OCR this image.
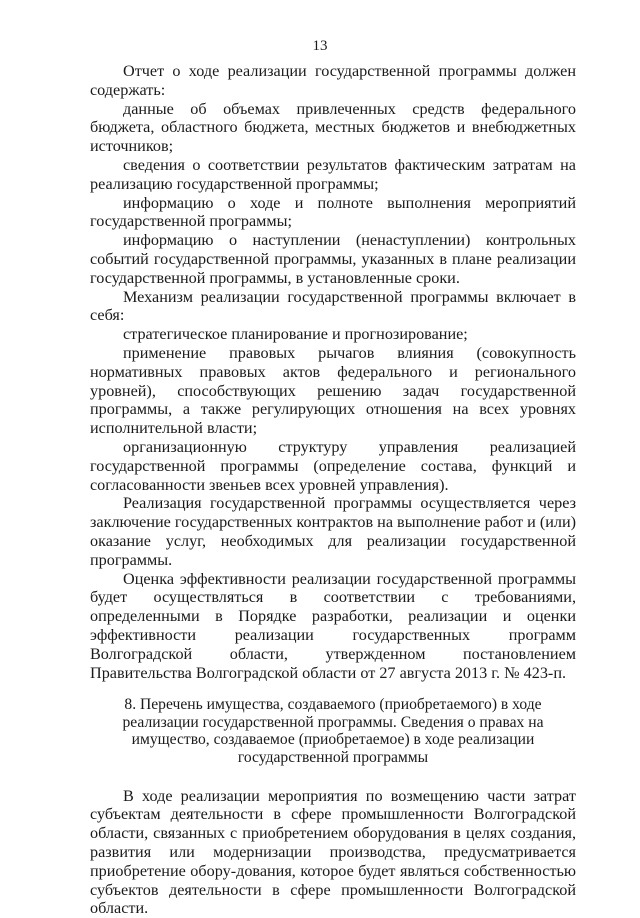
13

Отчет о ходе реализации государственной программы должен содержать:

данные об объемах привлеченных средств федерального бюджета, областного бюджета, местных бюджетов и внебюджетных источников;

сведения о соответствии результатов фактическим затратам на реализацию государственной программы;

информацию о ходе и полноте выполнения мероприятий государственной программы;

информацию о наступлении (ненаступлении) контрольных событий государственной программы, указанных в плане реализации государственной программы, в установленные сроки.

Механизм реализации государственной программы включает в себя:

стратегическое планирование и прогнозирование;

применение правовых рычагов влияния (совокупность нормативных правовых актов федерального и регионального уровней), способствующих решению задач государственной программы, а также регулирующих отношения на всех уровнях исполнительной власти;

организационную структуру управления реализацией государственной программы (определение состава, функций и согласованности звеньев всех уровней управления).

Реализация государственной программы осуществляется через заключение государственных контрактов на выполнение работ и (или) оказание услуг, необходимых для реализации государственной программы.

Оценка эффективности реализации государственной программы будет осуществляться в соответствии с требованиями, определенными в Порядке разработки, реализации и оценки эффективности реализации государственных программ Волгоградской области, утвержденном постановлением Правительства Волгоградской области от 27 августа 2013 г. № 423-п.

8. Перечень имущества, создаваемого (приобретаемого) в ходе реализации государственной программы. Сведения о правах на имущество, создаваемое (приобретаемое) в ходе реализации государственной программы

В ходе реализации мероприятия по возмещению части затрат субъектам деятельности в сфере промышленности Волгоградской области, связанных с приобретением оборудования в целях создания, развития или модернизации производства, предусматривается приобретение обору-дования, которое будет являться собственностью субъектов деятельности в сфере промышленности Волгоградской области.
